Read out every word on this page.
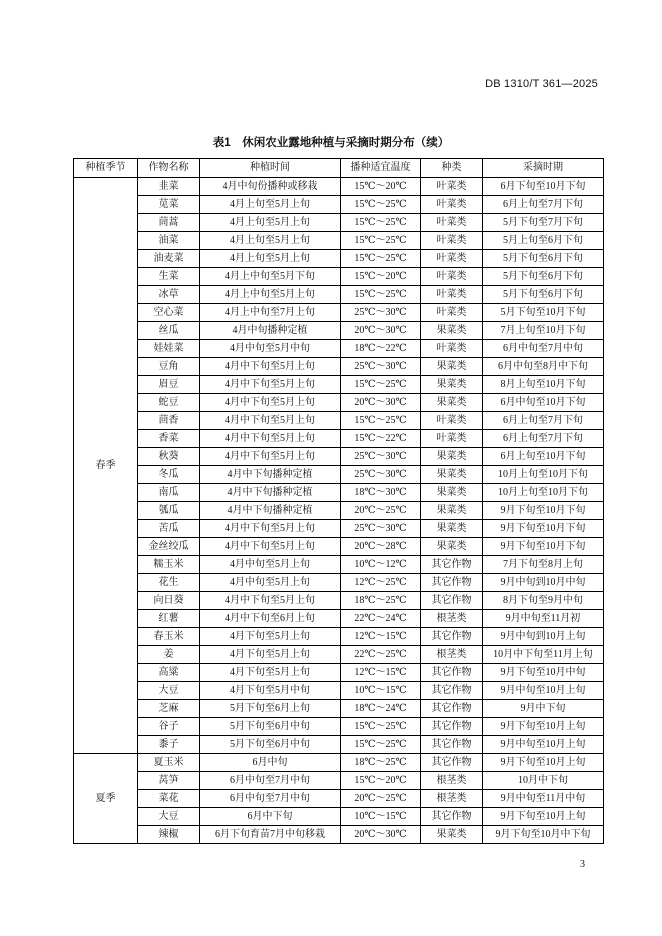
DB 1310/T 361—2025
表1　休闲农业露地种植与采摘时期分布（续）
种植季节	作物名称	种植时间	播种适宜温度	种类	采摘时期
春季	韭菜	4月中旬份播种或移栽	15℃～20℃	叶菜类	6月下旬至10月下旬
	苋菜	4月上旬至5月上旬	15℃～25℃	叶菜类	6月上旬至7月下旬
	茼蒿	4月上旬至5月上旬	15℃～25℃	叶菜类	5月下旬至7月下旬
	油菜	4月上旬至5月上旬	15℃～25℃	叶菜类	5月上旬至6月下旬
	油麦菜	4月上旬至5月上旬	15℃～25℃	叶菜类	5月下旬至6月下旬
	生菜	4月上中旬至5月下旬	15℃～20℃	叶菜类	5月下旬至6月下旬
	冰草	4月上中旬至5月上旬	15℃～25℃	叶菜类	5月下旬至6月下旬
	空心菜	4月上中旬至7月上旬	25℃～30℃	叶菜类	5月下旬至10月下旬
	丝瓜	4月中旬播种定植	20℃～30℃	果菜类	7月上旬至10月下旬
	娃娃菜	4月中旬至5月中旬	18℃～22℃	叶菜类	6月中旬至7月中旬
	豆角	4月中下旬至5月上旬	25℃～30℃	果菜类	6月中旬至8月中下旬
	眉豆	4月中下旬至5月上旬	15℃～25℃	果菜类	8月上旬至10月下旬
	蛇豆	4月中下旬至5月上旬	20℃～30℃	果菜类	6月中旬至10月下旬
	茴香	4月中下旬至5月上旬	15℃～25℃	叶菜类	6月上旬至7月下旬
	香菜	4月中下旬至5月上旬	15℃～22℃	叶菜类	6月上旬至7月下旬
	秋葵	4月中下旬至5月上旬	25℃～30℃	果菜类	6月上旬至10月下旬
	冬瓜	4月中下旬播种定植	25℃～30℃	果菜类	10月上旬至10月下旬
	南瓜	4月中下旬播种定植	18℃～30℃	果菜类	10月上旬至10月下旬
	瓠瓜	4月中下旬播种定植	20℃～25℃	果菜类	9月下旬至10月下旬
	苦瓜	4月中下旬至5月上旬	25℃～30℃	果菜类	9月下旬至10月下旬
	金丝绞瓜	4月中下旬至5月上旬	20℃～28℃	果菜类	9月下旬至10月下旬
	糯玉米	4月中旬至5月上旬	10℃～12℃	其它作物	7月下旬至8月上旬
	花生	4月中旬至5月上旬	12℃～25℃	其它作物	9月中旬到10月中旬
	向日葵	4月中下旬至5月上旬	18℃～25℃	其它作物	8月下旬至9月中旬
	红薯	4月中下旬至6月上旬	22℃～24℃	根茎类	9月中旬至11月初
	春玉米	4月下旬至5月上旬	12℃～15℃	其它作物	9月中旬到10月上旬
	姜	4月下旬至5月上旬	22℃～25℃	根茎类	10月中下旬至11月上旬
	高粱	4月下旬至5月上旬	12℃～15℃	其它作物	9月下旬至10月中旬
	大豆	4月下旬至5月中旬	10℃～15℃	其它作物	9月中旬至10月上旬
	芝麻	5月下旬至6月上旬	18℃～24℃	其它作物	9月中下旬
	谷子	5月下旬至6月中旬	15℃～25℃	其它作物	9月下旬至10月上旬
	黍子	5月下旬至6月中旬	15℃～25℃	其它作物	9月中旬至10月上旬
夏季	夏玉米	6月中旬	18℃～25℃	其它作物	9月下旬至10月上旬
	莴笋	6月中旬至7月中旬	15℃～20℃	根茎类	10月中下旬
	菜花	6月中旬至7月中旬	20℃～25℃	根茎类	9月中旬至11月中旬
	大豆	6月中下旬	10℃～15℃	其它作物	9月下旬至10月上旬
	辣椒	6月下旬育苗7月中旬移栽	20℃～30℃	果菜类	9月下旬至10月中下旬
3
